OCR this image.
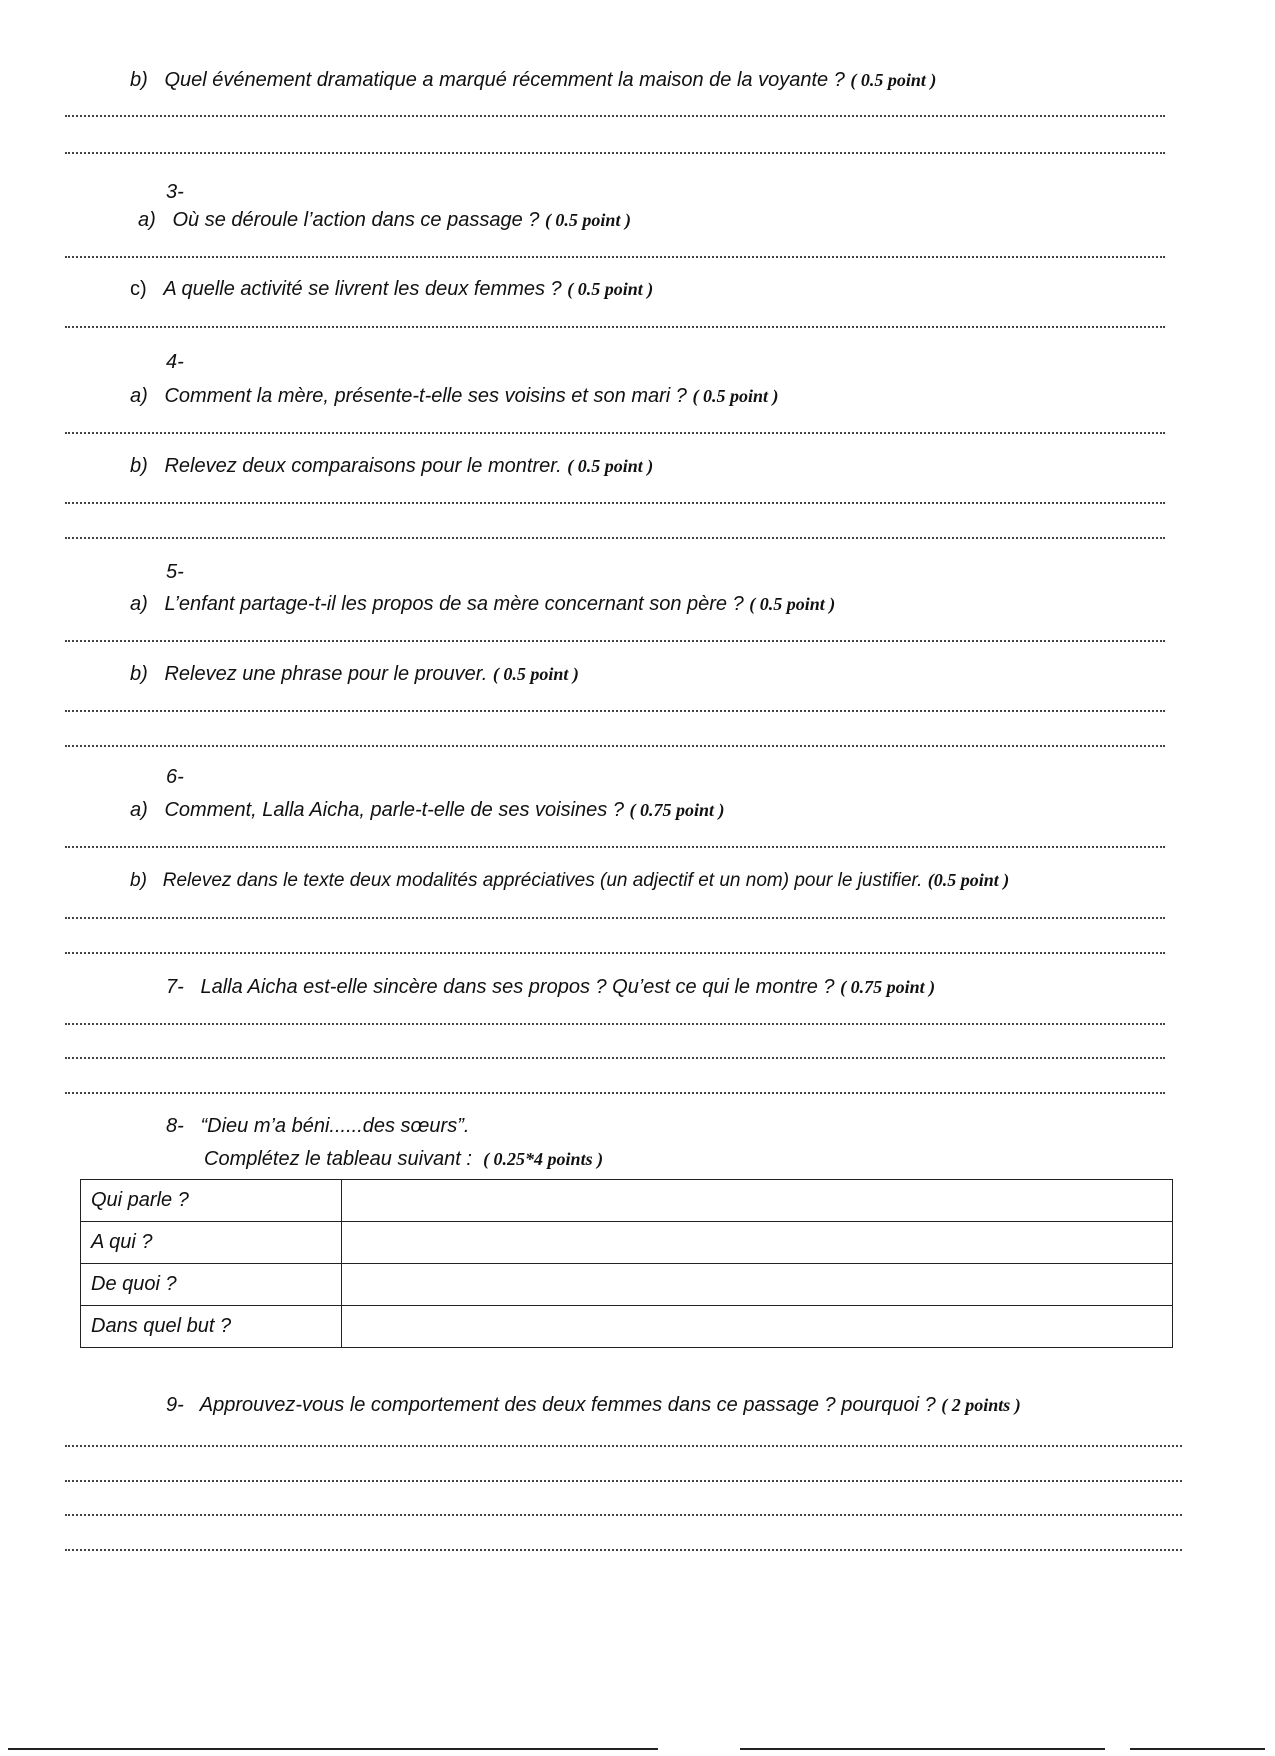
b) Quel événement dramatique a marqué récemment la maison de la voyante ? ( 0.5 point )
3-
a) Où se déroule l’action dans ce passage ? ( 0.5 point )
c) A quelle activité se livrent les deux femmes ? ( 0.5 point )
4-
a) Comment la mère, présente-t-elle ses voisins et son mari ? ( 0.5 point )
b) Relevez deux comparaisons pour le montrer. ( 0.5 point )
5-
a) L’enfant partage-t-il les propos de sa mère concernant son père ? ( 0.5 point )
b) Relevez une phrase pour le prouver. ( 0.5 point )
6-
a) Comment, Lalla Aicha, parle-t-elle de ses voisines ? ( 0.75 point )
b) Relevez dans le texte deux modalités appréciatives (un adjectif et un nom) pour le justifier. (0.5 point )
7- Lalla Aicha est-elle sincère dans ses propos ? Qu’est ce qui le montre ? ( 0.75 point )
8- “Dieu m’a béni......des sœurs”.
Complétez le tableau suivant : ( 0.25*4 points )
Qui parle ?	
A qui ?	
De quoi ?	
Dans quel but ?	
9- Approuvez-vous le comportement des deux femmes dans ce passage ? pourquoi ? ( 2 points )
